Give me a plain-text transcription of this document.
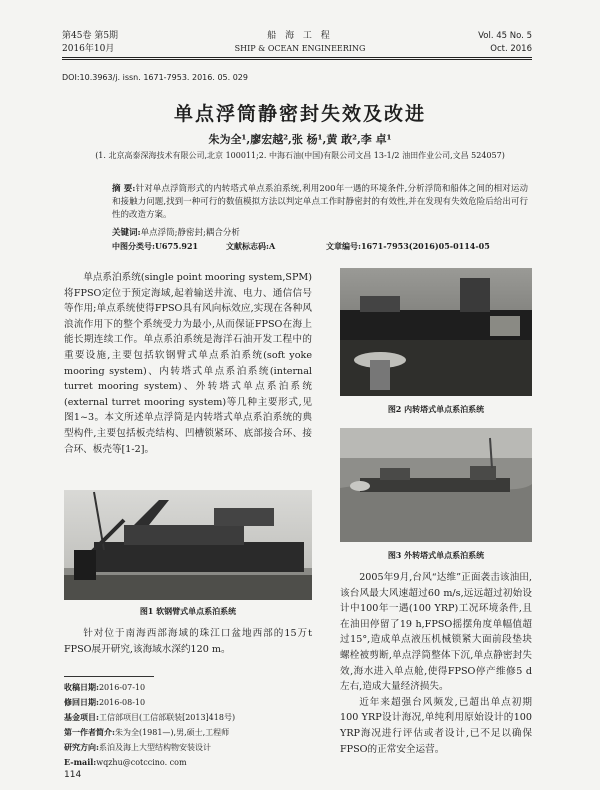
第45卷 第5期
2016年10月
船 海 工 程
SHIP & OCEAN ENGINEERING
Vol. 45 No. 5
Oct. 2016
DOI:10.3963/j. issn. 1671-7953. 2016. 05. 029
单点浮筒静密封失效及改进
朱为全¹,廖宏越²,张 杨¹,黄 敢²,李 卓¹
(1. 北京高泰深海技术有限公司,北京 100011;2. 中海石油(中国)有限公司文昌 13-1/2 油田作业公司,文昌 524057)
摘 要:针对单点浮筒形式的内转塔式单点系泊系统,利用200年一遇的环境条件,分析浮筒和船体之间的相对运动和接触力问题,找到一种可行的数值模拟方法以判定单点工作时静密封的有效性,并在发现有失效危险后给出可行性的改造方案。
关键词:单点浮筒;静密封;耦合分析
中图分类号:U675.921	文献标志码:A	文章编号:1671-7953(2016)05-0114-05

单点系泊系统(single point mooring system,SPM)将FPSO定位于预定海域,起着输送井流、电力、通信信号等作用;单点系统使得FPSO具有风向标效应,实现在各种风浪流作用下的整个系统受力为最小,从而保证FPSO在海上能长期连续工作。单点系泊系统是海洋石油开发工程中的重要设施,主要包括软钢臂式单点系泊系统(soft yoke mooring system)、内转塔式单点系泊系统(internal turret mooring system)、外转塔式单点系泊系统(external turret mooring system)等几种主要形式,见图1~3。本文所述单点浮筒是内转塔式单点系泊系统的典型构件,主要包括板壳结构、凹槽锁紧环、底部接合环、接合环、板壳等[1-2]。

图1 软钢臂式单点系泊系统

针对位于南海西部海域的珠江口盆地西部的15万t FPSO展开研究,该海域水深约120 m。

收稿日期:2016-07-10
修回日期:2016-08-10
基金项目:工信部项目(工信部联装[2013]418号)
第一作者简介:朱为全(1981—),男,硕士,工程师
研究方向:系泊及海上大型结构物安装设计
E-mail:wqzhu@cotccino. com
图2 内转塔式单点系泊系统
图3 外转塔式单点系泊系统

2005年9月,台风“达维”正面袭击该油田,该台风最大风速超过60 m/s,远远超过初始设计中100年一遇(100 YRP)工况环境条件,且在油田停留了19 h,FPSO摇摆角度单幅值超过15°,造成单点液压机械锁紧大面前段垫块螺栓被剪断,单点浮筒整体下沉,单点静密封失效,海水进入单点舱,使得FPSO停产维修5 d左右,造成大量经济损失。

近年来超强台风频发,已超出单点初期100 YRP设计海况,单纯利用原始设计的100 YRP海况进行评估或者设计,已不足以确保FPSO的正常安全运营。

114
